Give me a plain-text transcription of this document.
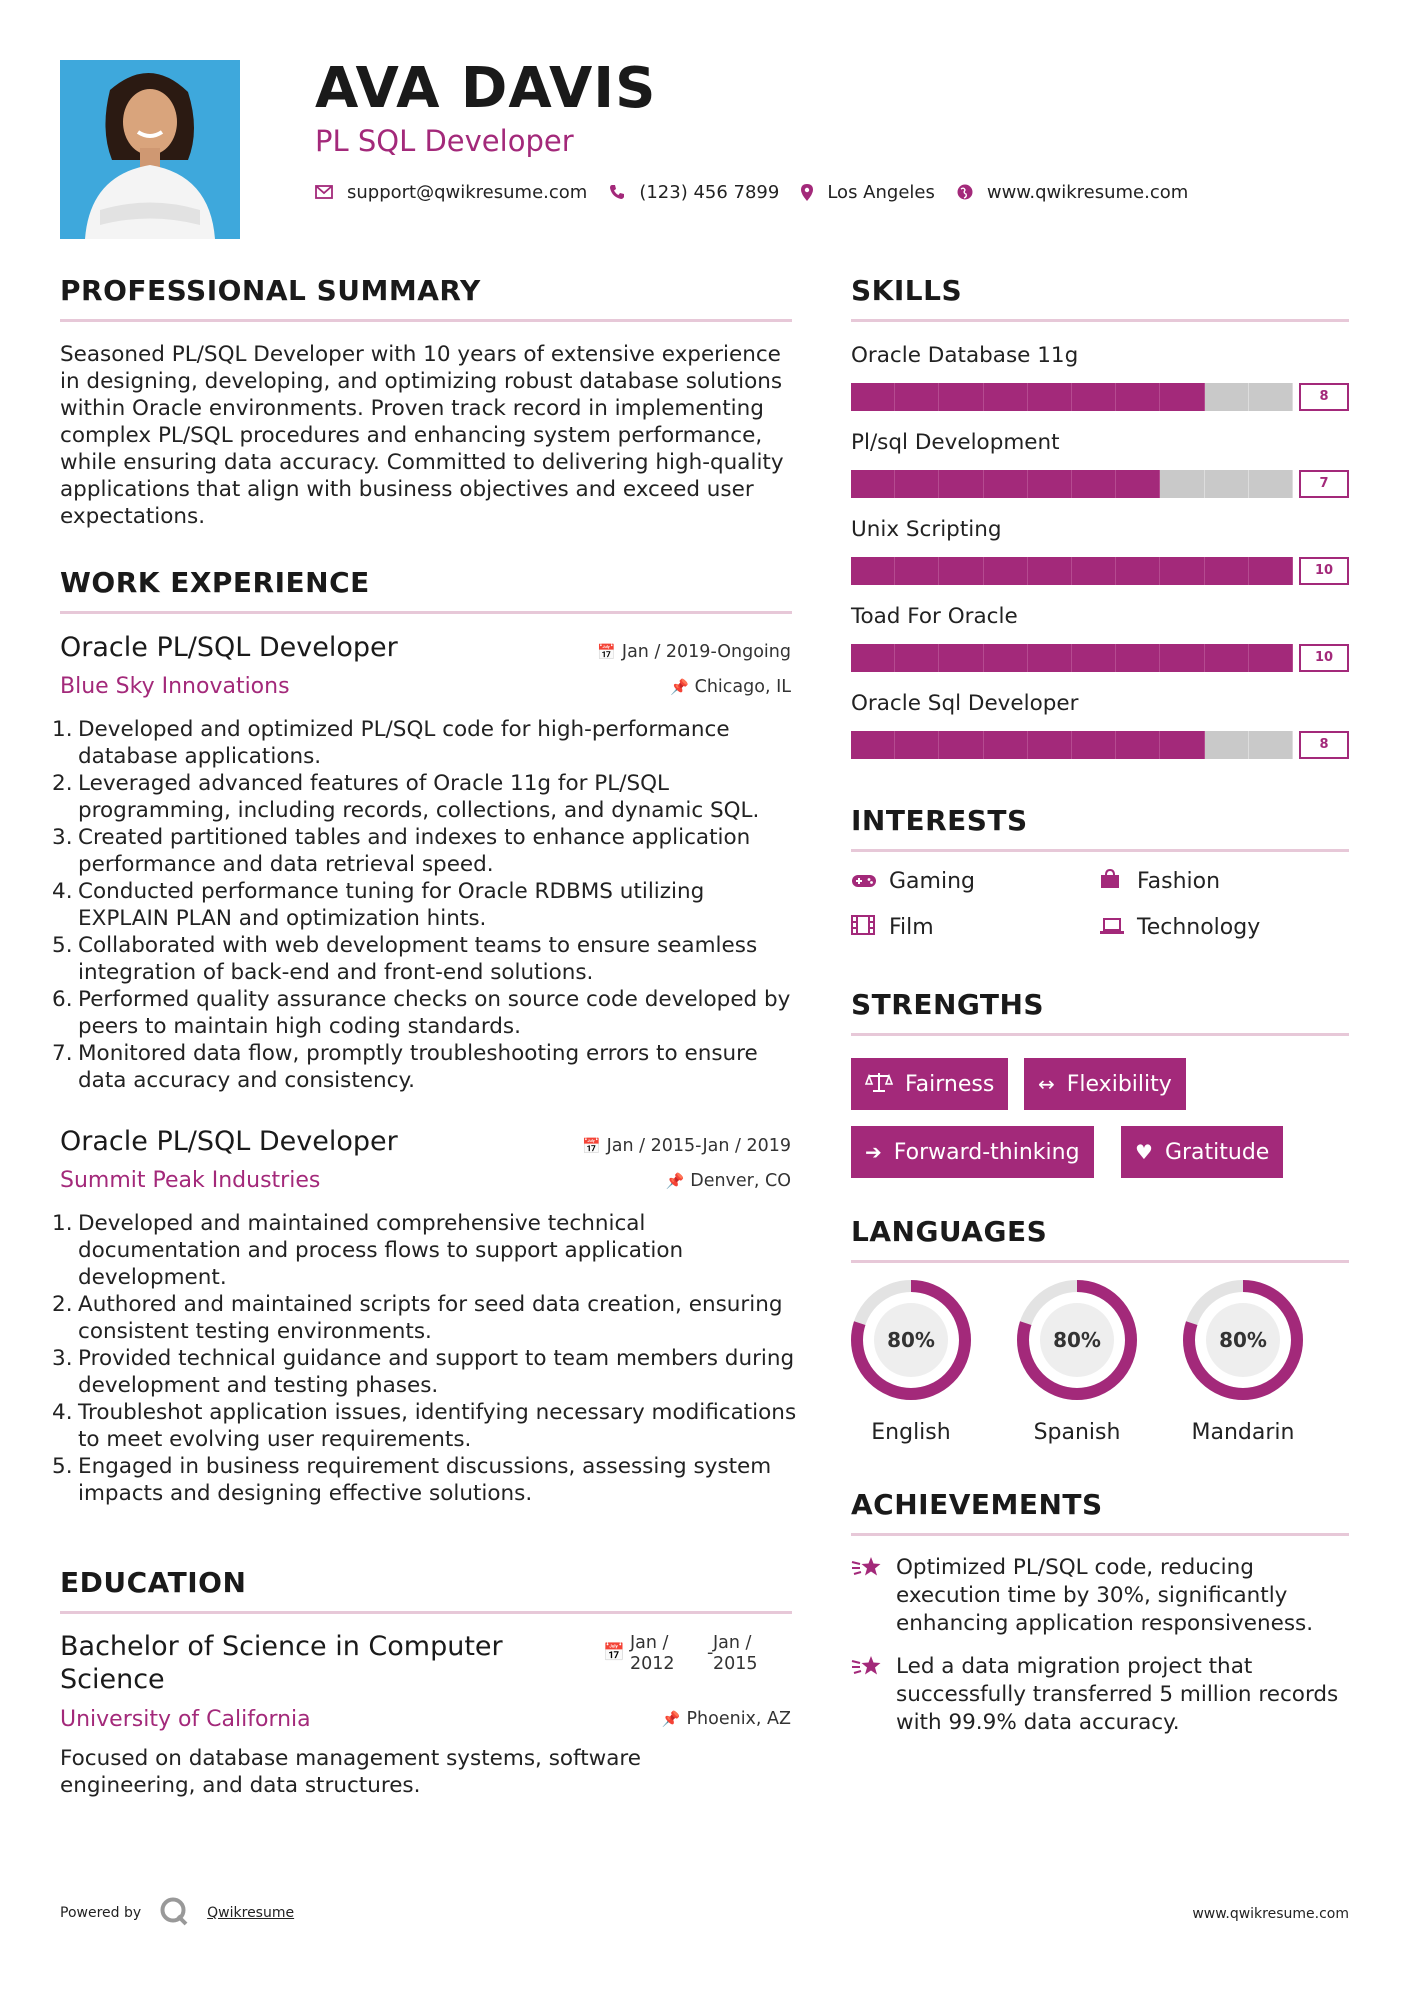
AVA DAVIS
PL SQL Developer
support@qwikresume.com	(123) 456 7899	Los Angeles	www.qwikresume.com
PROFESSIONAL SUMMARY
Seasoned PL/SQL Developer with 10 years of extensive experience in designing, developing, and optimizing robust database solutions within Oracle environments. Proven track record in implementing complex PL/SQL procedures and enhancing system performance, while ensuring data accuracy. Committed to delivering high-quality applications that align with business objectives and exceed user expectations.
WORK EXPERIENCE
Oracle PL/SQL Developer	📅 Jan / 2019-Ongoing
Blue Sky Innovations	📌 Chicago, IL
Developed and optimized PL/SQL code for high-performance database applications.
Leveraged advanced features of Oracle 11g for PL/SQL programming, including records, collections, and dynamic SQL.
Created partitioned tables and indexes to enhance application performance and data retrieval speed.
Conducted performance tuning for Oracle RDBMS utilizing EXPLAIN PLAN and optimization hints.
Collaborated with web development teams to ensure seamless integration of back-end and front-end solutions.
Performed quality assurance checks on source code developed by peers to maintain high coding standards.
Monitored data flow, promptly troubleshooting errors to ensure data accuracy and consistency.
Oracle PL/SQL Developer	📅 Jan / 2015-Jan / 2019
Summit Peak Industries	📌 Denver, CO
Developed and maintained comprehensive technical documentation and process flows to support application development.
Authored and maintained scripts for seed data creation, ensuring consistent testing environments.
Provided technical guidance and support to team members during development and testing phases.
Troubleshot application issues, identifying necessary modifications to meet evolving user requirements.
Engaged in business requirement discussions, assessing system impacts and designing effective solutions.
EDUCATION
Bachelor of Science in Computer Science
📅 Jan /
2012
- Jan /
2015
University of California	📌 Phoenix, AZ
Focused on database management systems, software engineering, and data structures.
SKILLS
Oracle Database 11g
8
Pl/sql Development
7
Unix Scripting
10
Toad For Oracle
10
Oracle Sql Developer
8
INTERESTS
Gaming	Fashion
Film	Technology
STRENGTHS
Fairness ↔ Flexibility
➔ Forward-thinking	♥ Gratitude
LANGUAGES
80%
English
80%
Spanish
80%
Mandarin
ACHIEVEMENTS
Optimized PL/SQL code, reducing execution time by 30%, significantly enhancing application responsiveness.
Led a data migration project that successfully transferred 5 million records with 99.9% data accuracy.
Powered by	Qwikresume	www.qwikresume.com
